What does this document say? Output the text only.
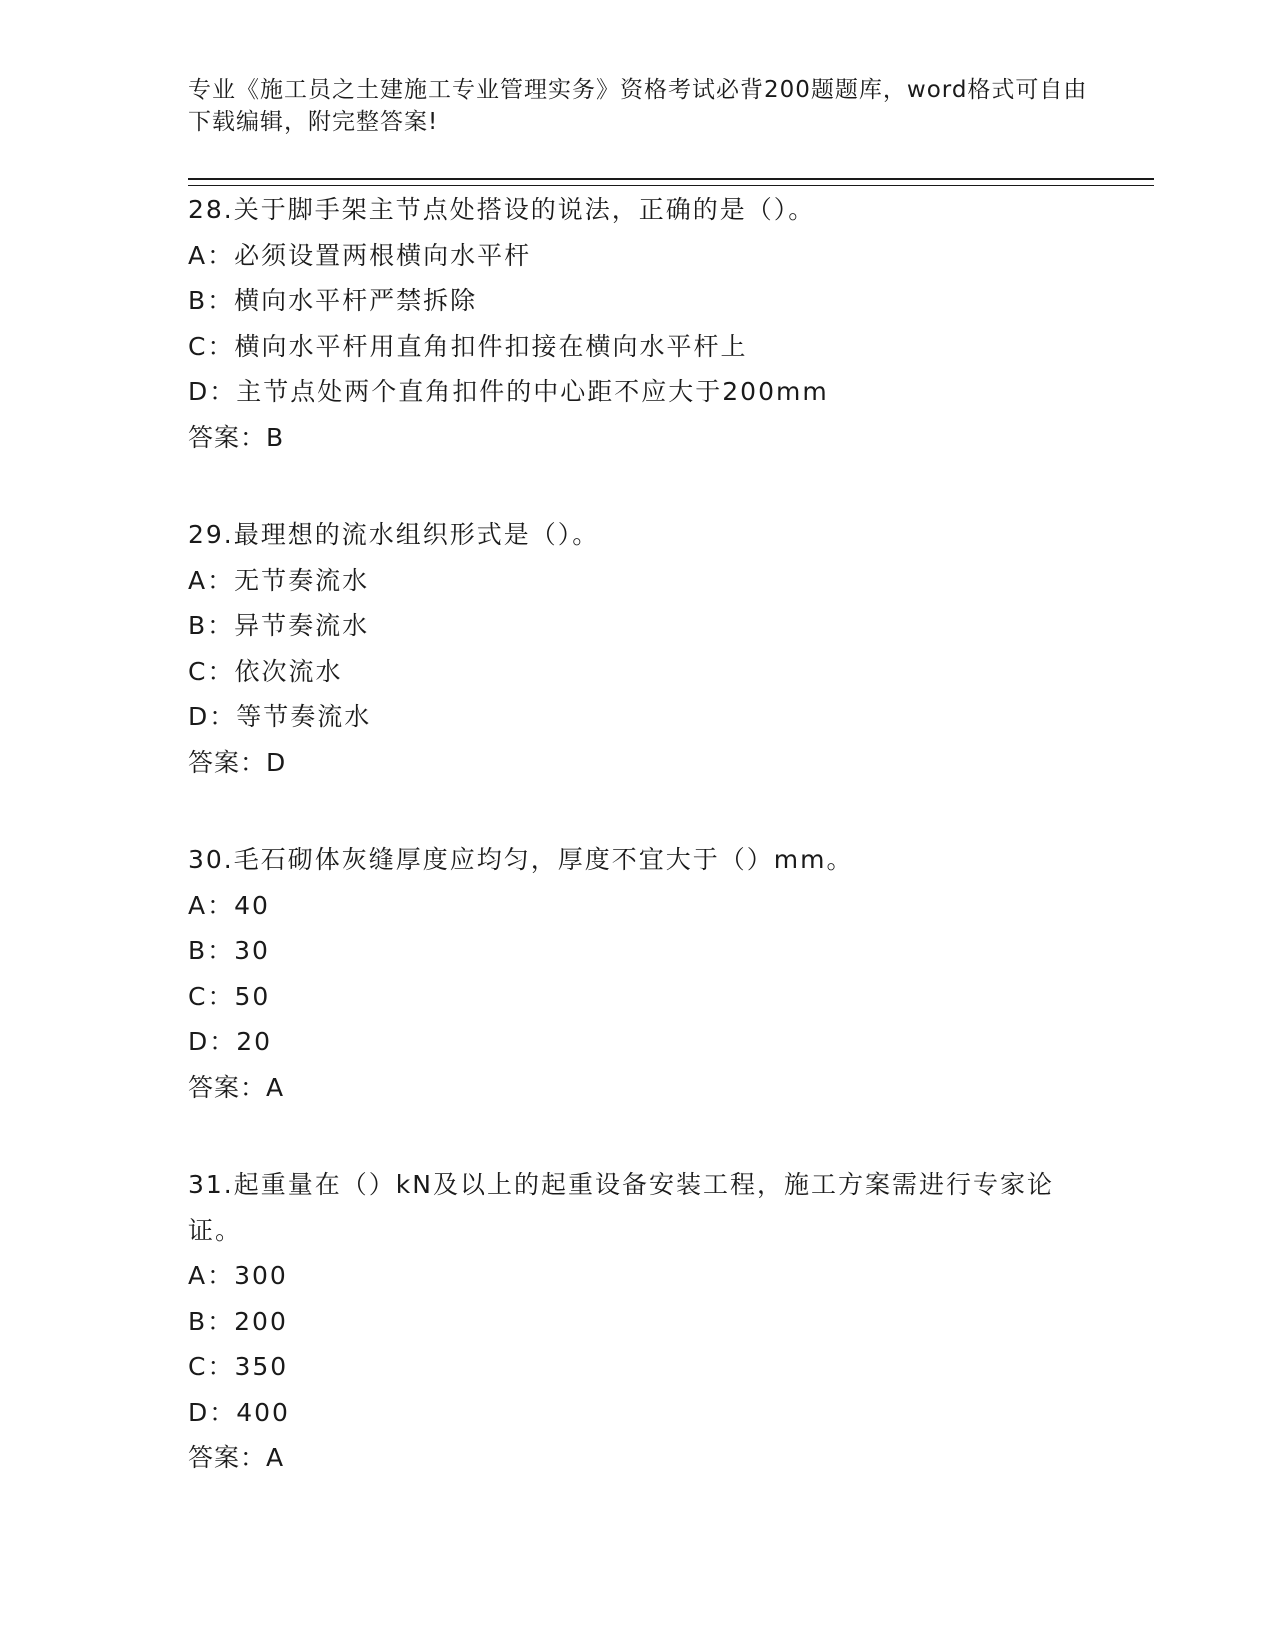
专业《施工员之土建施工专业管理实务》资格考试必背200题题库，word格式可自由下载编辑，附完整答案!
28.关于脚手架主节点处搭设的说法，正确的是（）。
A：必须设置两根横向水平杆
B：横向水平杆严禁拆除
C：横向水平杆用直角扣件扣接在横向水平杆上
D：主节点处两个直角扣件的中心距不应大于200mm
答案：B
29.最理想的流水组织形式是（）。
A：无节奏流水
B：异节奏流水
C：依次流水
D：等节奏流水
答案：D
30.毛石砌体灰缝厚度应均匀，厚度不宜大于（）mm。
A：40
B：30
C：50
D：20
答案：A
31.起重量在（）kN及以上的起重设备安装工程，施工方案需进行专家论证。
A：300
B：200
C：350
D：400
答案：A
